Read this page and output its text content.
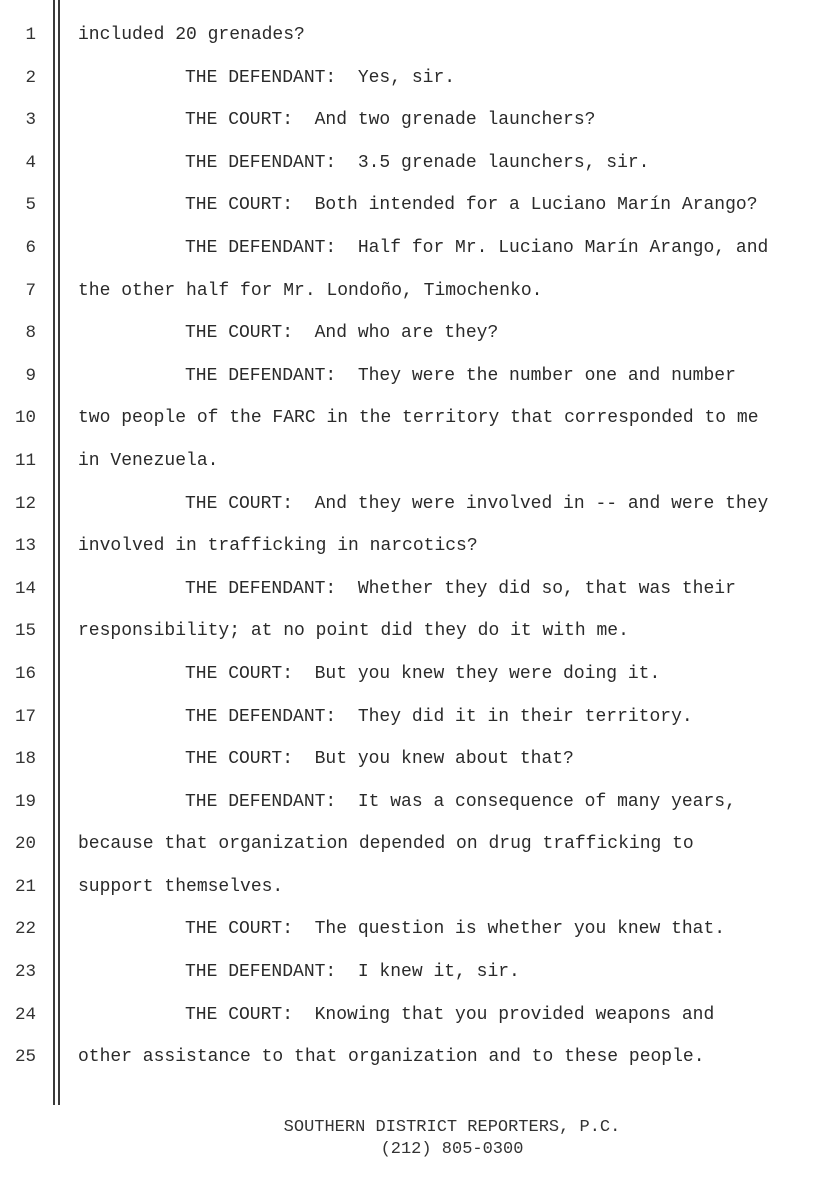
1 included 20 grenades?
2	THE DEFENDANT:  Yes, sir.
3	THE COURT:  And two grenade launchers?
4	THE DEFENDANT:  3.5 grenade launchers, sir.
5	THE COURT:  Both intended for a Luciano Marín Arango?
6	THE DEFENDANT:  Half for Mr. Luciano Marín Arango, and
7 the other half for Mr. Londoño, Timochenko.
8	THE COURT:  And who are they?
9	THE DEFENDANT:  They were the number one and number
10 two people of the FARC in the territory that corresponded to me
11 in Venezuela.
12	THE COURT:  And they were involved in -- and were they
13 involved in trafficking in narcotics?
14	THE DEFENDANT:  Whether they did so, that was their
15 responsibility; at no point did they do it with me.
16	THE COURT:  But you knew they were doing it.
17	THE DEFENDANT:  They did it in their territory.
18	THE COURT:  But you knew about that?
19	THE DEFENDANT:  It was a consequence of many years,
20 because that organization depended on drug trafficking to
21 support themselves.
22	THE COURT:  The question is whether you knew that.
23	THE DEFENDANT:  I knew it, sir.
24	THE COURT:  Knowing that you provided weapons and
25 other assistance to that organization and to these people.
SOUTHERN DISTRICT REPORTERS, P.C.
(212) 805-0300
